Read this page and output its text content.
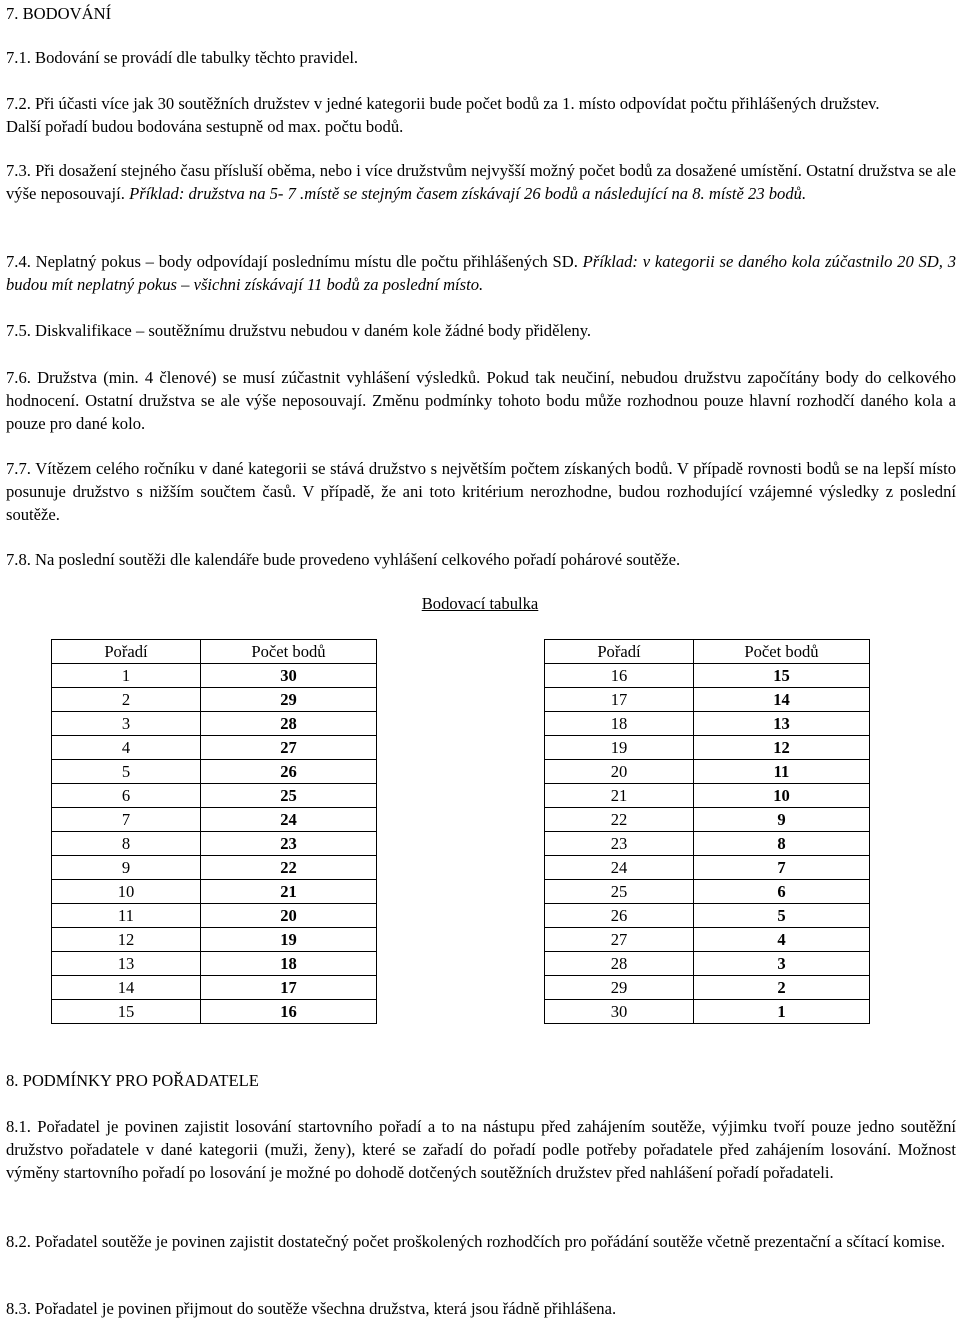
7. BODOVÁNÍ
7.1. Bodování se provádí dle tabulky těchto pravidel.
7.2. Při účasti více jak 30 soutěžních družstev v jedné kategorii bude počet bodů za 1. místo odpovídat počtu přihlášených družstev. Další pořadí budou bodována sestupně od max. počtu bodů.
7.3. Při dosažení stejného času přísluší oběma, nebo i více družstvům nejvyšší možný počet bodů za dosažené umístění. Ostatní družstva se ale výše neposouvají. Příklad: družstva na 5- 7 .místě se stejným časem získávají 26 bodů a následující na 8. místě 23 bodů.
7.4. Neplatný pokus – body odpovídají poslednímu místu dle počtu přihlášených SD. Příklad: v kategorii se daného kola zúčastnilo 20 SD, 3 budou mít neplatný pokus – všichni získávají 11 bodů za poslední místo.
7.5. Diskvalifikace – soutěžnímu družstvu nebudou v daném kole žádné body přiděleny.
7.6. Družstva (min. 4 členové) se musí zúčastnit vyhlášení výsledků. Pokud tak neučiní, nebudou družstvu započítány body do celkového hodnocení. Ostatní družstva se ale výše neposouvají. Změnu podmínky tohoto bodu může rozhodnou pouze hlavní rozhodčí daného kola a pouze pro dané kolo.
7.7. Vítězem celého ročníku v dané kategorii se stává družstvo s největším počtem získaných bodů. V případě rovnosti bodů se na lepší místo posunuje družstvo s nižším součtem časů. V případě, že ani toto kritérium nerozhodne, budou rozhodující vzájemné výsledky z poslední soutěže.
7.8. Na poslední soutěži dle kalendáře bude provedeno vyhlášení celkového pořadí pohárové soutěže.
Bodovací tabulka
Pořadí	Počet bodů
1	30
2	29
3	28
4	27
5	26
6	25
7	24
8	23
9	22
10	21
11	20
12	19
13	18
14	17
15	16
Pořadí	Počet bodů
16	15
17	14
18	13
19	12
20	11
21	10
22	9
23	8
24	7
25	6
26	5
27	4
28	3
29	2
30	1
8. PODMÍNKY PRO POŘADATELE
8.1. Pořadatel je povinen zajistit losování startovního pořadí a to na nástupu před zahájením soutěže, výjimku tvoří pouze jedno soutěžní družstvo pořadatele v dané kategorii (muži, ženy), které se zařadí do pořadí podle potřeby pořadatele před zahájením losování. Možnost výměny startovního pořadí po losování je možné po dohodě dotčených soutěžních družstev před nahlášení pořadí pořadateli.
8.2. Pořadatel soutěže je povinen zajistit dostatečný počet proškolených rozhodčích pro pořádání soutěže včetně prezentační a sčítací komise.
8.3. Pořadatel je povinen přijmout do soutěže všechna družstva, která jsou řádně přihlášena.
